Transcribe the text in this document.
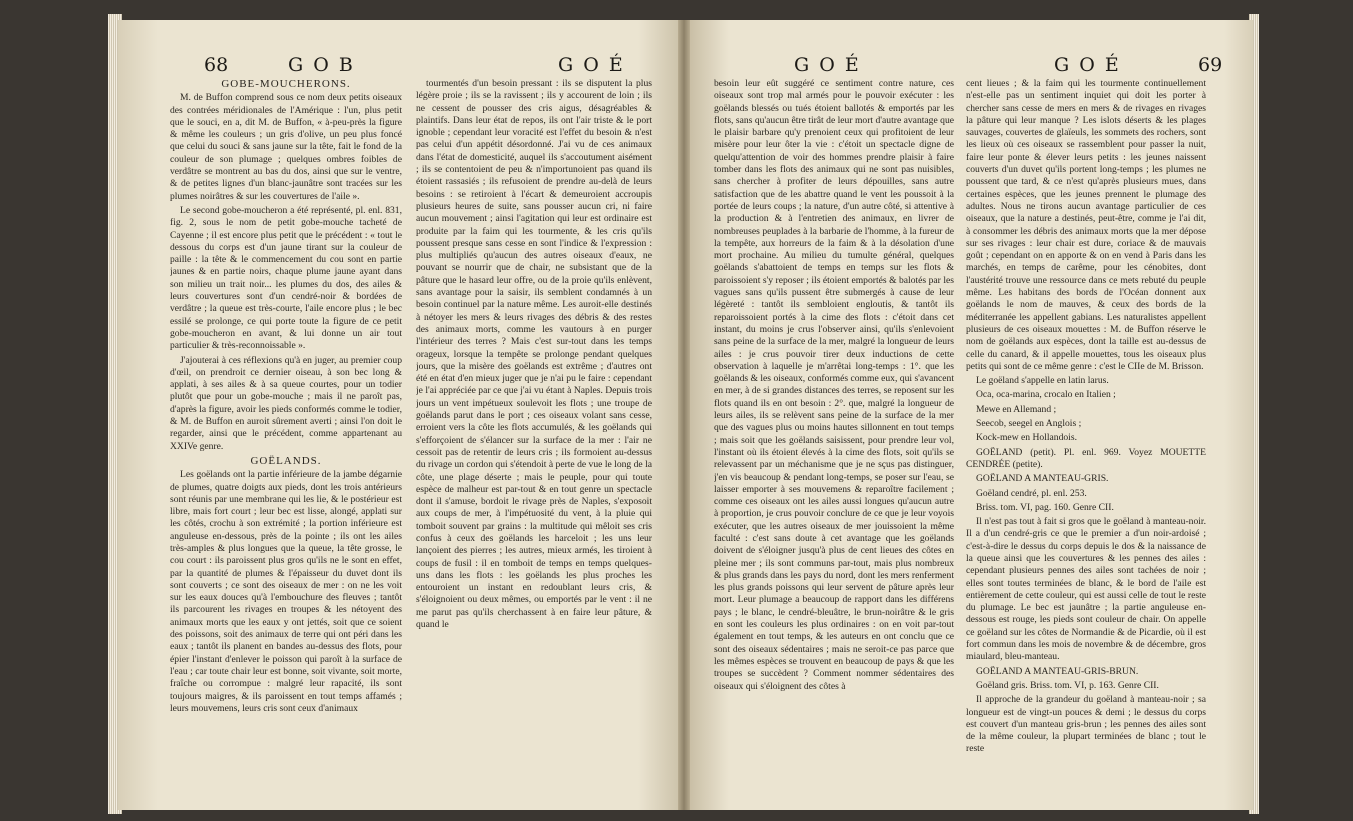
68	G O B	G O É

GOBE-MOUCHERONS.

M. de Buffon comprend sous ce nom deux petits oiseaux des contrées méridionales de l'Amérique : l'un, plus petit que le souci, en a, dit M. de Buffon, « à-peu-près la figure & même les couleurs ; un gris d'olive, un peu plus foncé que celui du souci & sans jaune sur la tête, fait le fond de la couleur de son plumage ; quelques ombres foibles de verdâtre se montrent au bas du dos, ainsi que sur le ventre, & de petites lignes d'un blanc-jaunâtre sont tracées sur les plumes noirâtres & sur les couvertures de l'aile ».

Le second gobe-moucheron a été représenté, pl. enl. 831, fig. 2, sous le nom de petit gobe-mouche tacheté de Cayenne ; il est encore plus petit que le précédent : « tout le dessous du corps est d'un jaune tirant sur la couleur de paille : la tête & le commencement du cou sont en partie jaunes & en partie noirs, chaque plume jaune ayant dans son milieu un trait noir... les plumes du dos, des ailes & leurs couvertures sont d'un cendré-noir & bordées de verdâtre ; la queue est très-courte, l'aile encore plus ; le bec essilé se prolonge, ce qui porte toute la figure de ce petit gobe-moucheron en avant, & lui donne un air tout particulier & très-reconnoissable ».

J'ajouterai à ces réflexions qu'à en juger, au premier coup d'œil, on prendroit ce dernier oiseau, à son bec long & applati, à ses ailes & à sa queue courtes, pour un todier plutôt que pour un gobe-mouche ; mais il ne paroît pas, d'après la figure, avoir les pieds conformés comme le todier, & M. de Buffon en auroit sûrement averti ; ainsi l'on doit le regarder, ainsi que le précédent, comme appartenant au XXIVe genre.

GOËLANDS.

Les goëlands ont la partie inférieure de la jambe dégarnie de plumes, quatre doigts aux pieds, dont les trois antérieurs sont réunis par une membrane qui les lie, & le postérieur est libre, mais fort court ; leur bec est lisse, alongé, applati sur les côtés, crochu à son extrémité ; la portion inférieure est anguleuse en-dessous, près de la pointe ; ils ont les ailes très-amples & plus longues que la queue, la tête grosse, le cou court : ils paroissent plus gros qu'ils ne le sont en effet, par la quantité de plumes & l'épaisseur du duvet dont ils sont couverts ; ce sont des oiseaux de mer : on ne les voit sur les eaux douces qu'à l'embouchure des fleuves ; tantôt ils parcourent les rivages en troupes & les nétoyent des animaux morts que les eaux y ont jettés, soit que ce soient des poissons, soit des animaux de terre qui ont péri dans les eaux ; tantôt ils planent en bandes au-dessus des flots, pour épier l'instant d'enlever le poisson qui paroît à la surface de l'eau ; car toute chair leur est bonne, soit vivante, soit morte, fraîche ou corrompue : malgré leur rapacité, ils sont toujours maigres, & ils paroissent en tout temps affamés ; leurs mouvemens, leurs cris sont ceux d'animaux

tourmentés d'un besoin pressant : ils se disputent la plus légère proie ; ils se la ravissent ; ils y accourent de loin ; ils ne cessent de pousser des cris aigus, désagréables & plaintifs. Dans leur état de repos, ils ont l'air triste & le port ignoble ; cependant leur voracité est l'effet du besoin & n'est pas celui d'un appétit désordonné. J'ai vu de ces animaux dans l'état de domesticité, auquel ils s'accoutument aisément ; ils se contentoient de peu & n'importunoient pas quand ils étoient rassasiés ; ils refusoient de prendre au-delà de leurs besoins : se retiroient à l'écart & demeuroient accroupis plusieurs heures de suite, sans pousser aucun cri, ni faire aucun mouvement ; ainsi l'agitation qui leur est ordinaire est produite par la faim qui les tourmente, & les cris qu'ils poussent presque sans cesse en sont l'indice & l'expression : plus multipliés qu'aucun des autres oiseaux d'eaux, ne pouvant se nourrir que de chair, ne subsistant que de la pâture que le hasard leur offre, ou de la proie qu'ils enlèvent, sans avantage pour la saisir, ils semblent condamnés à un besoin continuel par la nature même. Les auroit-elle destinés à nétoyer les mers & leurs rivages des débris & des restes des animaux morts, comme les vautours à en purger l'intérieur des terres ? Mais c'est sur-tout dans les temps orageux, lorsque la tempête se prolonge pendant quelques jours, que la misère des goëlands est extrême ; d'autres ont été en état d'en mieux juger que je n'ai pu le faire : cependant je l'ai appréciée par ce que j'ai vu étant à Naples. Depuis trois jours un vent impétueux soulevoit les flots ; une troupe de goëlands parut dans le port ; ces oiseaux volant sans cesse, erroient vers la côte les flots accumulés, & les goëlands qui s'efforçoient de s'élancer sur la surface de la mer : l'air ne cessoit pas de retentir de leurs cris ; ils formoient au-dessus du rivage un cordon qui s'étendoit à perte de vue le long de la côte, une plage déserte ; mais le peuple, pour qui toute espèce de malheur est par-tout & en tout genre un spectacle dont il s'amuse, bordoit le rivage près de Naples, s'exposoit aux coups de mer, à l'impétuosité du vent, à la pluie qui tomboit souvent par grains : la multitude qui mêloit ses cris confus à ceux des goëlands les harceloit ; les uns leur lançoient des pierres ; les autres, mieux armés, les tiroient à coups de fusil : il en tomboit de temps en temps quelques-uns dans les flots : les goëlands les plus proches les entouroient un instant en redoublant leurs cris, & s'éloignoient ou deux mêmes, ou emportés par le vent : il ne me parut pas qu'ils cherchassent à en faire leur pâture, & quand le

G O É	G O É	69

besoin leur eût suggéré ce sentiment contre nature, ces oiseaux sont trop mal armés pour le pouvoir exécuter : les goëlands blessés ou tués étoient ballotés & emportés par les flots, sans qu'aucun être tirât de leur mort d'autre avantage que le plaisir barbare qu'y prenoient ceux qui profitoient de leur misère pour leur ôter la vie : c'étoit un spectacle digne de quelqu'attention de voir des hommes prendre plaisir à faire tomber dans les flots des animaux qui ne sont pas nuisibles, sans chercher à profiter de leurs dépouilles, sans autre satisfaction que de les abattre quand le vent les poussoit à la portée de leurs coups ; la nature, d'un autre côté, si attentive à la production & à l'entretien des animaux, en livrer de nombreuses peuplades à la barbarie de l'homme, à la fureur de la tempête, aux horreurs de la faim & à la désolation d'une mort prochaine. Au milieu du tumulte général, quelques goëlands s'abattoient de temps en temps sur les flots & paroissoient s'y reposer ; ils étoient emportés & balotés par les vagues sans qu'ils pussent être submergés à cause de leur légèreté : tantôt ils sembloient engloutis, & tantôt ils reparoissoient portés à la cime des flots : c'étoit dans cet instant, du moins je crus l'observer ainsi, qu'ils s'enlevoient sans peine de la surface de la mer, malgré la longueur de leurs ailes : je crus pouvoir tirer deux inductions de cette observation à laquelle je m'arrêtai long-temps : 1°. que les goëlands & les oiseaux, conformés comme eux, qui s'avancent en mer, à de si grandes distances des terres, se reposent sur les flots quand ils en ont besoin : 2°. que, malgré la longueur de leurs ailes, ils se relèvent sans peine de la surface de la mer que des vagues plus ou moins hautes sillonnent en tout temps ; mais soit que les goëlands saisissent, pour prendre leur vol, l'instant où ils étoient élevés à la cime des flots, soit qu'ils se relevassent par un méchanisme que je ne sçus pas distinguer, j'en vis beaucoup & pendant long-temps, se poser sur l'eau, se laisser emporter à ses mouvemens & reparoître facilement ; comme ces oiseaux ont les ailes aussi longues qu'aucun autre à proportion, je crus pouvoir conclure de ce que je leur voyois exécuter, que les autres oiseaux de mer jouissoient la même faculté : c'est sans doute à cet avantage que les goëlands doivent de s'éloigner jusqu'à plus de cent lieues des côtes en pleine mer ; ils sont communs par-tout, mais plus nombreux & plus grands dans les pays du nord, dont les mers renferment les plus grands poissons qui leur servent de pâture après leur mort. Leur plumage a beaucoup de rapport dans les différens pays ; le blanc, le cendré-bleuâtre, le brun-noirâtre & le gris en sont les couleurs les plus ordinaires : on en voit par-tout également en tout temps, & les auteurs en ont conclu que ce sont des oiseaux sédentaires ; mais ne seroit-ce pas parce que les mêmes espèces se trouvent en beaucoup de pays & que les troupes se succèdent ? Comment nommer sédentaires des oiseaux qui s'éloignent des côtes à

cent lieues ; & la faim qui les tourmente continuellement n'est-elle pas un sentiment inquiet qui doit les porter à chercher sans cesse de mers en mers & de rivages en rivages la pâture qui leur manque ? Les islots déserts & les plages sauvages, couvertes de glaïeuls, les sommets des rochers, sont les lieux où ces oiseaux se rassemblent pour passer la nuit, faire leur ponte & élever leurs petits : les jeunes naissent couverts d'un duvet qu'ils portent long-temps ; les plumes ne poussent que tard, & ce n'est qu'après plusieurs mues, dans certaines espèces, que les jeunes prennent le plumage des adultes. Nous ne tirons aucun avantage particulier de ces oiseaux, que la nature a destinés, peut-être, comme je l'ai dit, à consommer les débris des animaux morts que la mer dépose sur ses rivages : leur chair est dure, coriace & de mauvais goût ; cependant on en apporte & on en vend à Paris dans les marchés, en temps de carême, pour les cénobites, dont l'austérité trouve une ressource dans ce mets rebuté du peuple même. Les habitans des bords de l'Océan donnent aux goëlands le nom de mauves, & ceux des bords de la méditerranée les appellent gabians. Les naturalistes appellent plusieurs de ces oiseaux mouettes : M. de Buffon réserve le nom de goëlands aux espèces, dont la taille est au-dessus de celle du canard, & il appelle mouettes, tous les oiseaux plus petits qui sont de ce même genre : c'est le CIIe de M. Brisson.

Le goëland s'appelle en latin larus.

Oca, oca-marina, crocalo en Italien ;

Mewe en Allemand ;

Seecob, seegel en Anglois ;

Kock-mew en Hollandois.

GOËLAND (petit). Pl. enl. 969. Voyez MOUETTE CENDRÉE (petite).

GOËLAND A MANTEAU-GRIS.

Goëland cendré, pl. enl. 253.

Briss. tom. VI, pag. 160. Genre CII.

Il n'est pas tout à fait si gros que le goëland à manteau-noir. Il a d'un cendré-gris ce que le premier a d'un noir-ardoisé ; c'est-à-dire le dessus du corps depuis le dos & la naissance de la queue ainsi que les couvertures & les pennes des ailes : cependant plusieurs pennes des ailes sont tachées de noir ; elles sont toutes terminées de blanc, & le bord de l'aile est entièrement de cette couleur, qui est aussi celle de tout le reste du plumage. Le bec est jaunâtre ; la partie anguleuse en-dessous est rouge, les pieds sont couleur de chair. On appelle ce goëland sur les côtes de Normandie & de Picardie, où il est fort commun dans les mois de novembre & de décembre, gros miaulard, bleu-manteau.

GOËLAND A MANTEAU-GRIS-BRUN.

Goëland gris. Briss. tom. VI, p. 163. Genre CII.

Il approche de la grandeur du goëland à manteau-noir ; sa longueur est de vingt-un pouces & demi ; le dessus du corps est couvert d'un manteau gris-brun ; les pennes des ailes sont de la même couleur, la plupart terminées de blanc ; tout le reste
